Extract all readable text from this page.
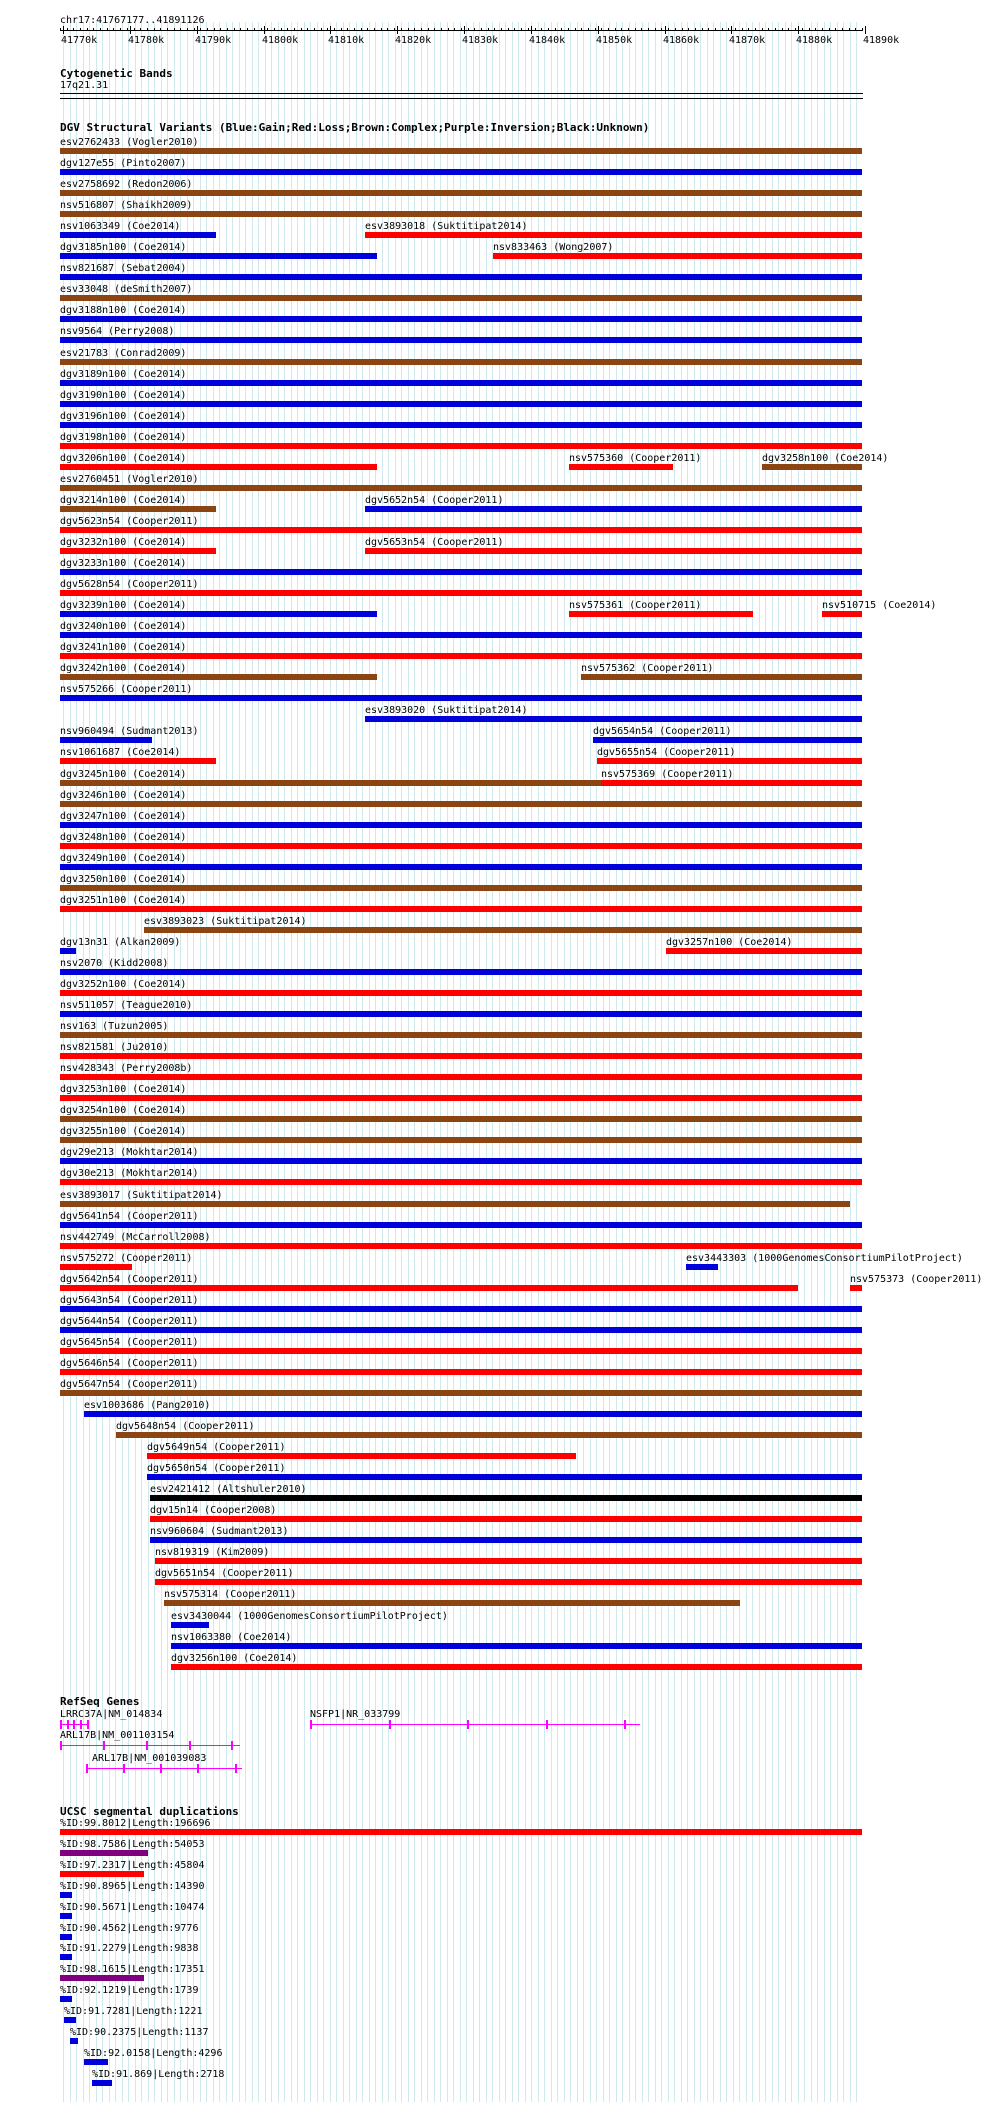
chr17:41767177..41891126
41770k	41780k	41790k	41800k	41810k	41820k	41830k	41840k	41850k	41860k	41870k	41880k	41890k
Cytogenetic Bands
17q21.31
DGV Structural Variants (Blue:Gain;Red:Loss;Brown:Complex;Purple:Inversion;Black:Unknown)
esv2762433 (Vogler2010)
dgv127e55 (Pinto2007)
esv2758692 (Redon2006)
nsv516807 (Shaikh2009)
nsv1063349 (Coe2014)	esv3893018 (Suktitipat2014)
dgv3185n100 (Coe2014)	nsv833463 (Wong2007)
nsv821687 (Sebat2004)
esv33048 (deSmith2007)
dgv3188n100 (Coe2014)
nsv9564 (Perry2008)
esv21783 (Conrad2009)
dgv3189n100 (Coe2014)
dgv3190n100 (Coe2014)
dgv3196n100 (Coe2014)
dgv3198n100 (Coe2014)
dgv3206n100 (Coe2014)	nsv575360 (Cooper2011)	dgv3258n100 (Coe2014)
esv2760451 (Vogler2010)
dgv3214n100 (Coe2014)	dgv5652n54 (Cooper2011)
dgv5623n54 (Cooper2011)
dgv3232n100 (Coe2014)	dgv5653n54 (Cooper2011)
dgv3233n100 (Coe2014)
dgv5628n54 (Cooper2011)
dgv3239n100 (Coe2014)	nsv575361 (Cooper2011)	nsv510715 (Coe2014)
dgv3240n100 (Coe2014)
dgv3241n100 (Coe2014)
dgv3242n100 (Coe2014)	nsv575362 (Cooper2011)
nsv575266 (Cooper2011)
esv3893020 (Suktitipat2014)
nsv960494 (Sudmant2013)	dgv5654n54 (Cooper2011)
nsv1061687 (Coe2014)	dgv5655n54 (Cooper2011)
dgv3245n100 (Coe2014)	nsv575369 (Cooper2011)
dgv3246n100 (Coe2014)
dgv3247n100 (Coe2014)
dgv3248n100 (Coe2014)
dgv3249n100 (Coe2014)
dgv3250n100 (Coe2014)
dgv3251n100 (Coe2014)
esv3893023 (Suktitipat2014)
dgv13n31 (Alkan2009)	dgv3257n100 (Coe2014)
nsv2070 (Kidd2008)
dgv3252n100 (Coe2014)
nsv511057 (Teague2010)
nsv163 (Tuzun2005)
nsv821581 (Ju2010)
nsv428343 (Perry2008b)
dgv3253n100 (Coe2014)
dgv3254n100 (Coe2014)
dgv3255n100 (Coe2014)
dgv29e213 (Mokhtar2014)
dgv30e213 (Mokhtar2014)
esv3893017 (Suktitipat2014)
dgv5641n54 (Cooper2011)
nsv442749 (McCarroll2008)
nsv575272 (Cooper2011)	esv3443303 (1000GenomesConsortiumPilotProject)
dgv5642n54 (Cooper2011)	nsv575373 (Cooper2011)
dgv5643n54 (Cooper2011)
dgv5644n54 (Cooper2011)
dgv5645n54 (Cooper2011)
dgv5646n54 (Cooper2011)
dgv5647n54 (Cooper2011)
esv1003686 (Pang2010)
dgv5648n54 (Cooper2011)
dgv5649n54 (Cooper2011)
dgv5650n54 (Cooper2011)
esv2421412 (Altshuler2010)
dgv15n14 (Cooper2008)
nsv960604 (Sudmant2013)
nsv819319 (Kim2009)
dgv5651n54 (Cooper2011)
nsv575314 (Cooper2011)
esv3430044 (1000GenomesConsortiumPilotProject)
nsv1063380 (Coe2014)
dgv3256n100 (Coe2014)
RefSeq Genes
LRRC37A|NM_014834	NSFP1|NR_033799
ARL17B|NM_001103154
ARL17B|NM_001039083
UCSC segmental duplications
%ID:99.8012|Length:196696
%ID:98.7586|Length:54053
%ID:97.2317|Length:45804
%ID:90.8965|Length:14390
%ID:90.5671|Length:10474
%ID:90.4562|Length:9776
%ID:91.2279|Length:9838
%ID:98.1615|Length:17351
%ID:92.1219|Length:1739
%ID:91.7281|Length:1221
%ID:90.2375|Length:1137
%ID:92.0158|Length:4296
%ID:91.869|Length:2718
